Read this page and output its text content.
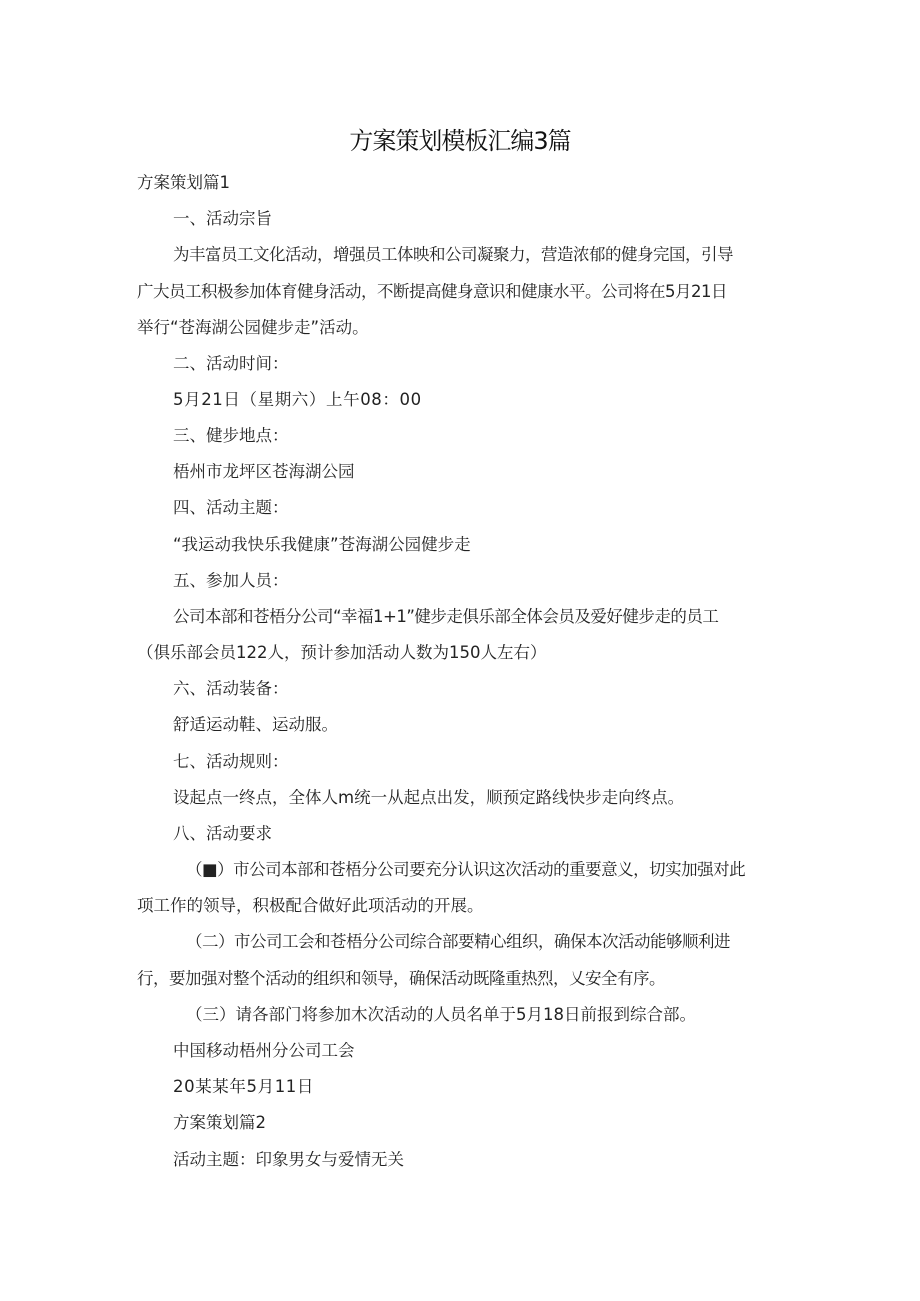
方案策划模板汇编3篇

方案策划篇1

一、活动宗旨

为丰富员工文化活动，增强员工体映和公司凝聚力，营造浓郁的健身完国，引导

广大员工积极参加体育健身活动，不断提高健身意识和健康水平。公司将在5月21日

举行“苍海湖公园健步走”活动。

二、活动时间：

5月21日（星期六）上午08：00

三、健步地点：

梧州市龙坪区苍海湖公园

四、活动主题：

“我运动我快乐我健康”苍海湖公园健步走

五、参加人员：

公司本部和苍梧分公司“幸福1+1”健步走俱乐部全体会员及爱好健步走的员工

（俱乐部会员122人，预计参加活动人数为150人左右）

六、活动装备：

舒适运动鞋、运动服。

七、活动规则：

设起点一终点，全体人m统一从起点出发，顺预定路线快步走向终点。

八、活动要求

（■）市公司本部和苍梧分公司要充分认识这次活动的重要意义，切实加强对此

项工作的领导，积极配合做好此项活动的开展。

（二）市公司工会和苍梧分公司综合部要精心组织，确保本次活动能够顺利进

行，要加强对整个活动的组织和领导，确保活动既隆重热烈，乂安全有序。

（三）请各部门将参加木次活动的人员名单于5月18日前报到综合部。

中国移动梧州分公司工会

20某某年5月11日

方案策划篇2

活动主题：印象男女与爱情无关
